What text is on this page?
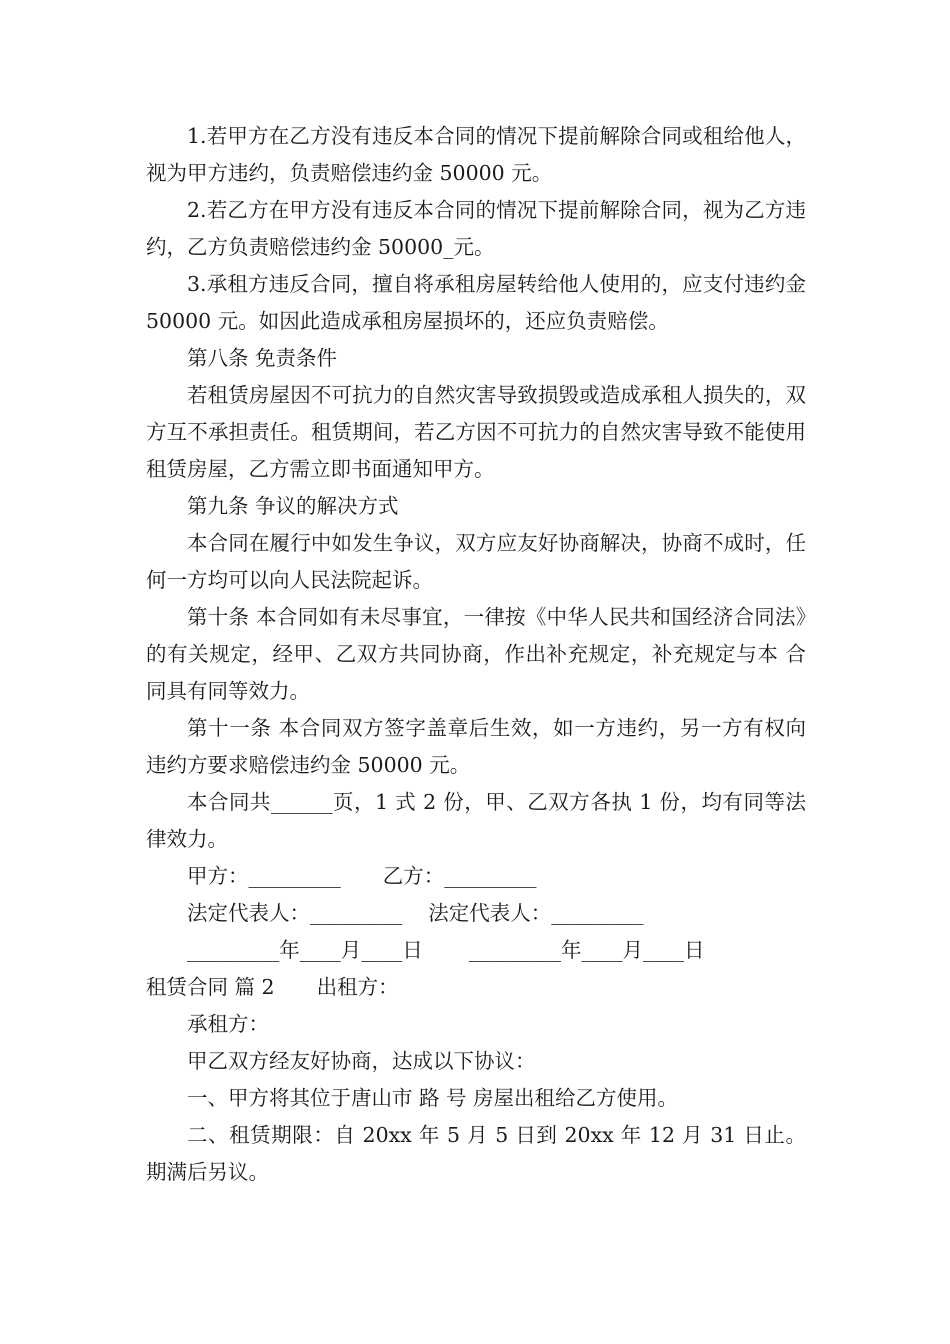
1.若甲方在乙方没有违反本合同的情况下提前解除合同或租给他人，视为甲方违约，负责赔偿违约金 50000 元。

2.若乙方在甲方没有违反本合同的情况下提前解除合同，视为乙方违约，乙方负责赔偿违约金 50000_元。

3.承租方违反合同，擅自将承租房屋转给他人使用的，应支付违约金 50000 元。如因此造成承租房屋损坏的，还应负责赔偿。

第八条 免责条件

若租赁房屋因不可抗力的自然灾害导致损毁或造成承租人损失的，双方互不承担责任。租赁期间，若乙方因不可抗力的自然灾害导致不能使用租赁房屋，乙方需立即书面通知甲方。

第九条 争议的解决方式

本合同在履行中如发生争议，双方应友好协商解决，协商不成时，任何一方均可以向人民法院起诉。

第十条 本合同如有未尽事宜，一律按《中华人民共和国经济合同法》的有关规定，经甲、乙双方共同协商，作出补充规定，补充规定与本 合同具有同等效力。

第十一条 本合同双方签字盖章后生效，如一方违约，另一方有权向违约方要求赔偿违约金 50000 元。

本合同共______页，1 式 2 份，甲、乙双方各执 1 份，均有同等法律效力。

甲方：_________ 乙方：_________

法定代表人：_________ 法定代表人：_________

_________年____月____日 _________年____月____日

租赁合同 篇 2 出租方：

承租方：

甲乙双方经友好协商，达成以下协议：

一、甲方将其位于唐山市 路 号 房屋出租给乙方使用。

二、租赁期限：自 20xx 年 5 月 5 日到 20xx 年 12 月 31 日止。期满后另议。
